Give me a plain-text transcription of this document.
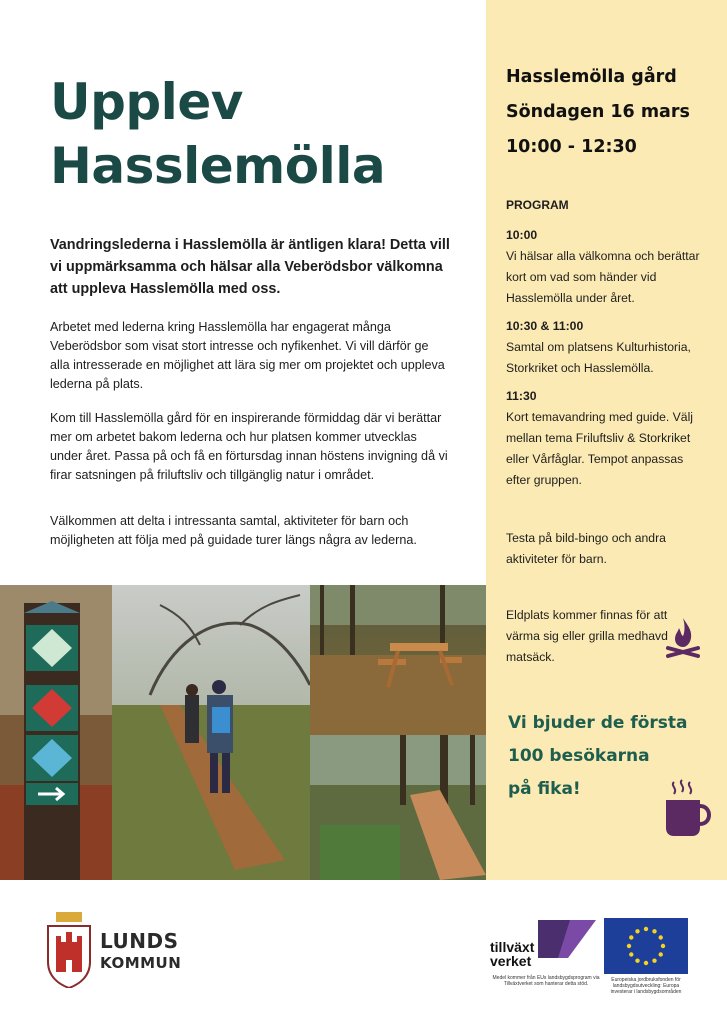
Upplev
Hasslemölla

Vandringslederna i Hasslemölla är äntligen klara! Detta vill vi uppmärksamma och hälsar alla Veberödsbor välkomna att uppleva Hasslemölla med oss.

Arbetet med lederna kring Hasslemölla har engagerat många Veberödsbor som visat stort intresse och nyfikenhet. Vi vill därför ge alla intresserade en möjlighet att lära sig mer om projektet och uppleva lederna på plats.

Kom till Hasslemölla gård för en inspirerande förmiddag där vi berättar mer om arbetet bakom lederna och hur platsen kommer utvecklas under året. Passa på och få en förtursdag innan höstens invigning då vi firar satsningen på friluftsliv och tillgänglig natur i området.

Välkommen att delta i intressanta samtal, aktiviteter för barn och möjligheten att följa med på guidade turer längs några av lederna.

Hasslemölla gård
Söndagen 16 mars
10:00 - 12:30

PROGRAM

10:00
Vi hälsar alla välkomna och berättar kort om vad som händer vid Hasslemölla under året.

10:30 & 11:00
Samtal om platsens Kulturhistoria, Storkriket och Hasslemölla.

11:30
Kort temavandring med guide. Välj mellan tema Friluftsliv & Storkriket eller Vårfåglar. Tempot anpassas efter gruppen.

Testa på bild-bingo och andra aktiviteter för barn.

Eldplats kommer finnas för att värma sig eller grilla medhavd matsäck.

Vi bjuder de första
100 besökarna
på fika!
LUNDS
KOMMUN
tillväxt
verket
Medel kommer från EUs landsbygdsprogram via Tillväxtverket som hanterar detta stöd.
Europeiska jordbruksfonden för landsbygdsutveckling: Europa investerar i landsbygdsområden
